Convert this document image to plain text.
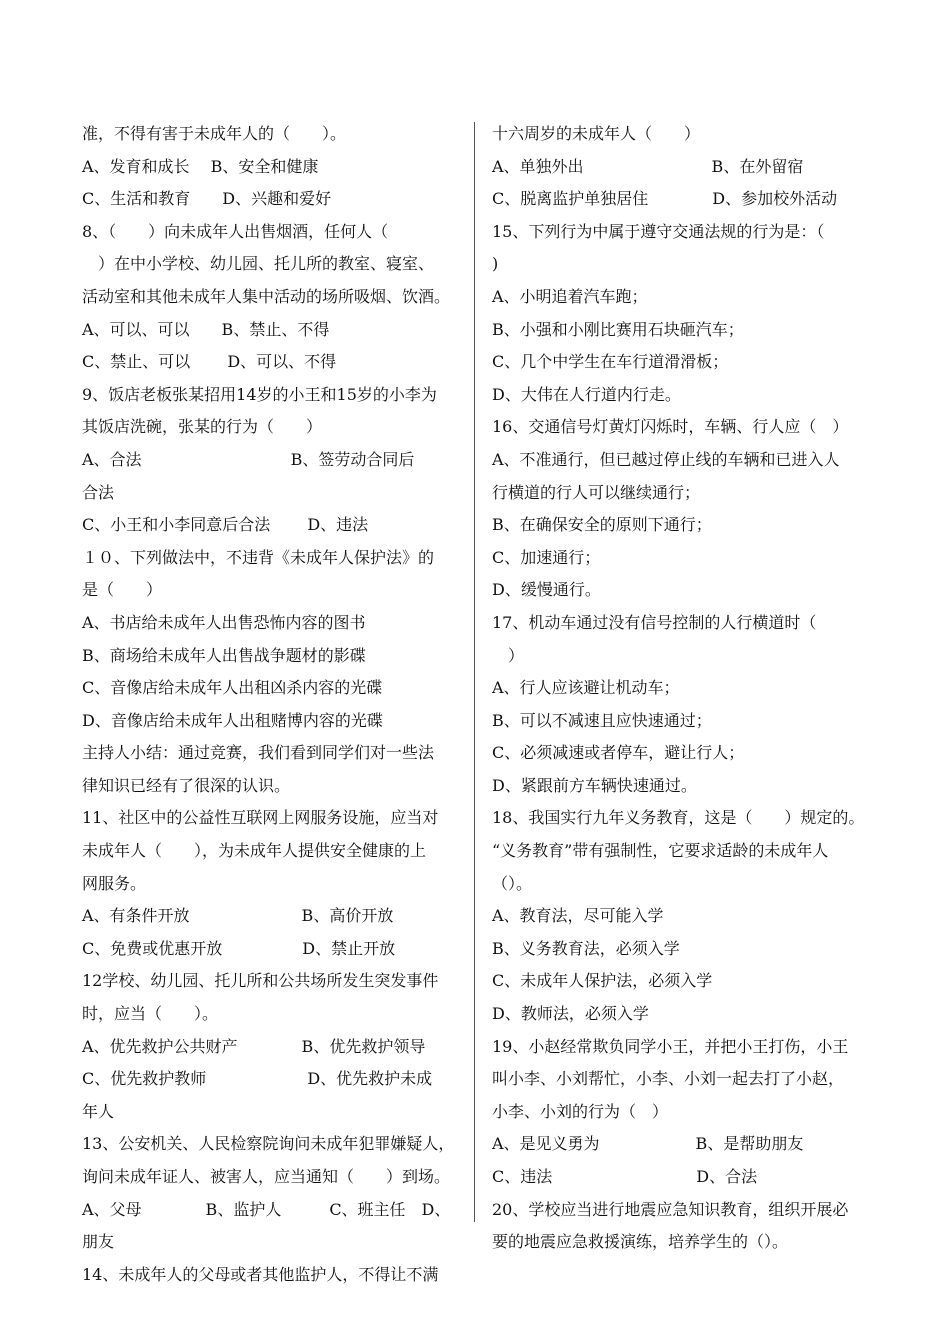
准，不得有害于未成年人的（　　）。
A、发育和成长　 B、安全和健康
C、生活和教育　　D、兴趣和爱好
8、（　　）向未成年人出售烟酒，任何人（
　）在中小学校、幼儿园、托儿所的教室、寝室、
活动室和其他未成年人集中活动的场所吸烟、饮酒。
A、可以、可以　　B、禁止、不得
C、禁止、可以　　 D、可以、不得
9、饭店老板张某招用14岁的小王和15岁的小李为
其饭店洗碗，张某的行为（　　）
A、合法　　　　　　　　　 B、签劳动合同后
合法
C、小王和小李同意后合法　　 D、违法
１０、下列做法中，不违背《未成年人保护法》的
是（　　）
A、书店给未成年人出售恐怖内容的图书
B、商场给未成年人出售战争题材的影碟
C、音像店给未成年人出租凶杀内容的光碟
D、音像店给未成年人出租赌博内容的光碟
主持人小结：通过竞赛，我们看到同学们对一些法
律知识已经有了很深的认识。
11、社区中的公益性互联网上网服务设施，应当对
未成年人（　　），为未成年人提供安全健康的上
网服务。
A、有条件开放　　　　　　　B、高价开放
C、免费或优惠开放　　　　　D、禁止开放
12学校、幼儿园、托儿所和公共场所发生突发事件
时，应当（　　）。
A、优先救护公共财产　　　　B、优先救护领导
C、优先救护教师　　　　　　 D、优先救护未成
年人
13、公安机关、人民检察院询问未成年犯罪嫌疑人，
询问未成年证人、被害人，应当通知（　　）到场。
A、父母　　　　B、监护人　　　C、班主任　D、
朋友
14、未成年人的父母或者其他监护人，不得让不满
十六周岁的未成年人（　　）
A、单独外出　　　　　　　　B、在外留宿
C、脱离监护单独居住　　　　D、参加校外活动
15、下列行为中属于遵守交通法规的行为是：（
)
A、小明追着汽车跑；
B、小强和小刚比赛用石块砸汽车；
C、几个中学生在车行道滑滑板；
D、大伟在人行道内行走。
16、交通信号灯黄灯闪烁时，车辆、行人应（　）
A、不准通行，但已越过停止线的车辆和已进入人
行横道的行人可以继续通行；
B、在确保安全的原则下通行；
C、加速通行；
D、缓慢通行。
17、机动车通过没有信号控制的人行横道时（
　）
A、行人应该避让机动车；
B、可以不减速且应快速通过；
C、必须减速或者停车，避让行人；
D、紧跟前方车辆快速通过。
18、我国实行九年义务教育，这是（　　）规定的。
“义务教育”带有强制性，它要求适龄的未成年人
（）。
A、教育法，尽可能入学
B、义务教育法，必须入学
C、未成年人保护法，必须入学
D、教师法，必须入学
19、小赵经常欺负同学小王，并把小王打伤，小王
叫小李、小刘帮忙，小李、小刘一起去打了小赵，
小李、小刘的行为（　）
A、是见义勇为　　　　　　B、是帮助朋友
C、违法　　　　　　　　　D、合法
20、学校应当进行地震应急知识教育，组织开展必
要的地震应急救援演练，培养学生的（）。
